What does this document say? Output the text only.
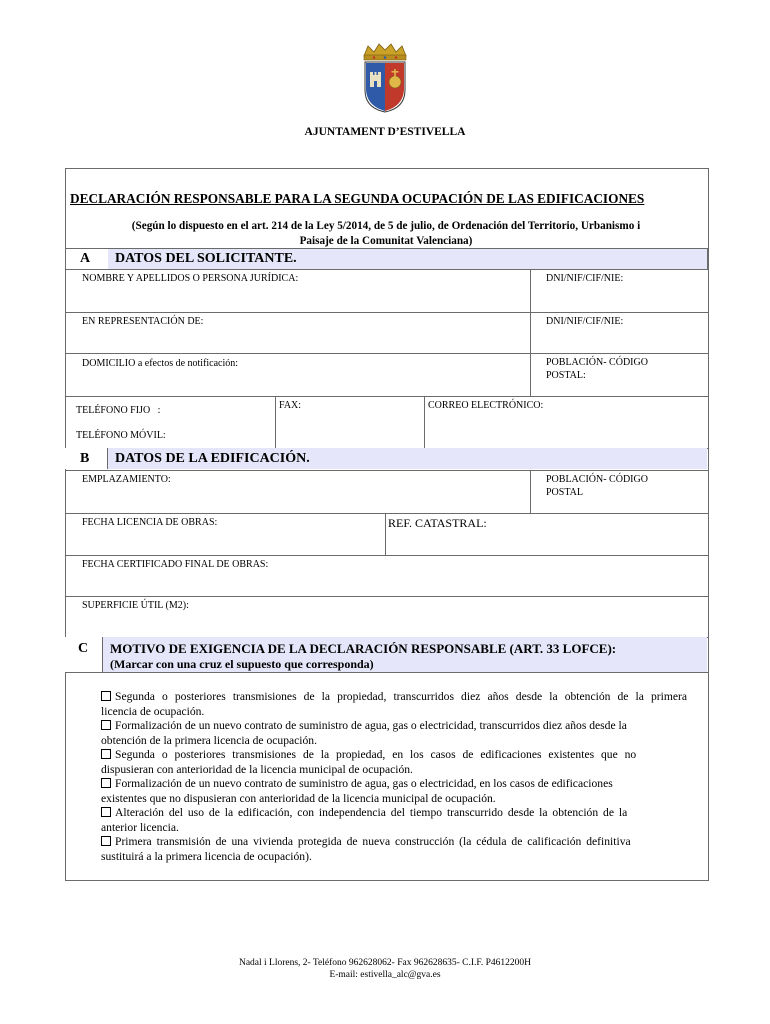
AJUNTAMENT D’ESTIVELLA
DECLARACIÓN RESPONSABLE PARA LA SEGUNDA OCUPACIÓN DE LAS EDIFICACIONES
(Según lo dispuesto en el art. 214 de la Ley 5/2014, de 5 de julio, de Ordenación del Territorio, Urbanismo i
Paisaje de la Comunitat Valenciana)
A DATOS DEL SOLICITANTE.
NOMBRE Y APELLIDOS O PERSONA JURÍDICA:	DNI/NIF/CIF/NIE:
EN REPRESENTACIÓN DE:	DNI/NIF/CIF/NIE:
DOMICILIO a efectos de notificación:	POBLACIÓN- CÓDIGO
POSTAL:
TELÉFONO FIJO   :	FAX:	CORREO ELECTRÓNICO:
TELÉFONO MÓVIL:
B DATOS DE LA EDIFICACIÓN.
EMPLAZAMIENTO:	POBLACIÓN- CÓDIGO
POSTAL
FECHA LICENCIA DE OBRAS:	REF. CATASTRAL:
FECHA CERTIFICADO FINAL DE OBRAS:
SUPERFICIE ÚTIL (M2):
C MOTIVO DE EXIGENCIA DE LA DECLARACIÓN RESPONSABLE (ART. 33 LOFCE):
(Marcar con una cruz el supuesto que corresponda)
Segunda o posteriores transmisiones de la propiedad, transcurridos diez años desde la obtención de la primera
licencia de ocupación.
Formalización de un nuevo contrato de suministro de agua, gas o electricidad, transcurridos diez años desde la
obtención de la primera licencia de ocupación.
Segunda o posteriores transmisiones de la propiedad, en los casos de edificaciones existentes que no
dispusieran con anterioridad de la licencia municipal de ocupación.
Formalización de un nuevo contrato de suministro de agua, gas o electricidad, en los casos de edificaciones
existentes que no dispusieran con anterioridad de la licencia municipal de ocupación.
Alteración del uso de la edificación, con independencia del tiempo transcurrido desde la obtención de la
anterior licencia.
Primera transmisión de una vivienda protegida de nueva construcción (la cédula de calificación definitiva
sustituirá a la primera licencia de ocupación).
Nadal i Llorens, 2- Teléfono 962628062- Fax 962628635- C.I.F. P4612200H
E-mail: estivella_alc@gva.es
